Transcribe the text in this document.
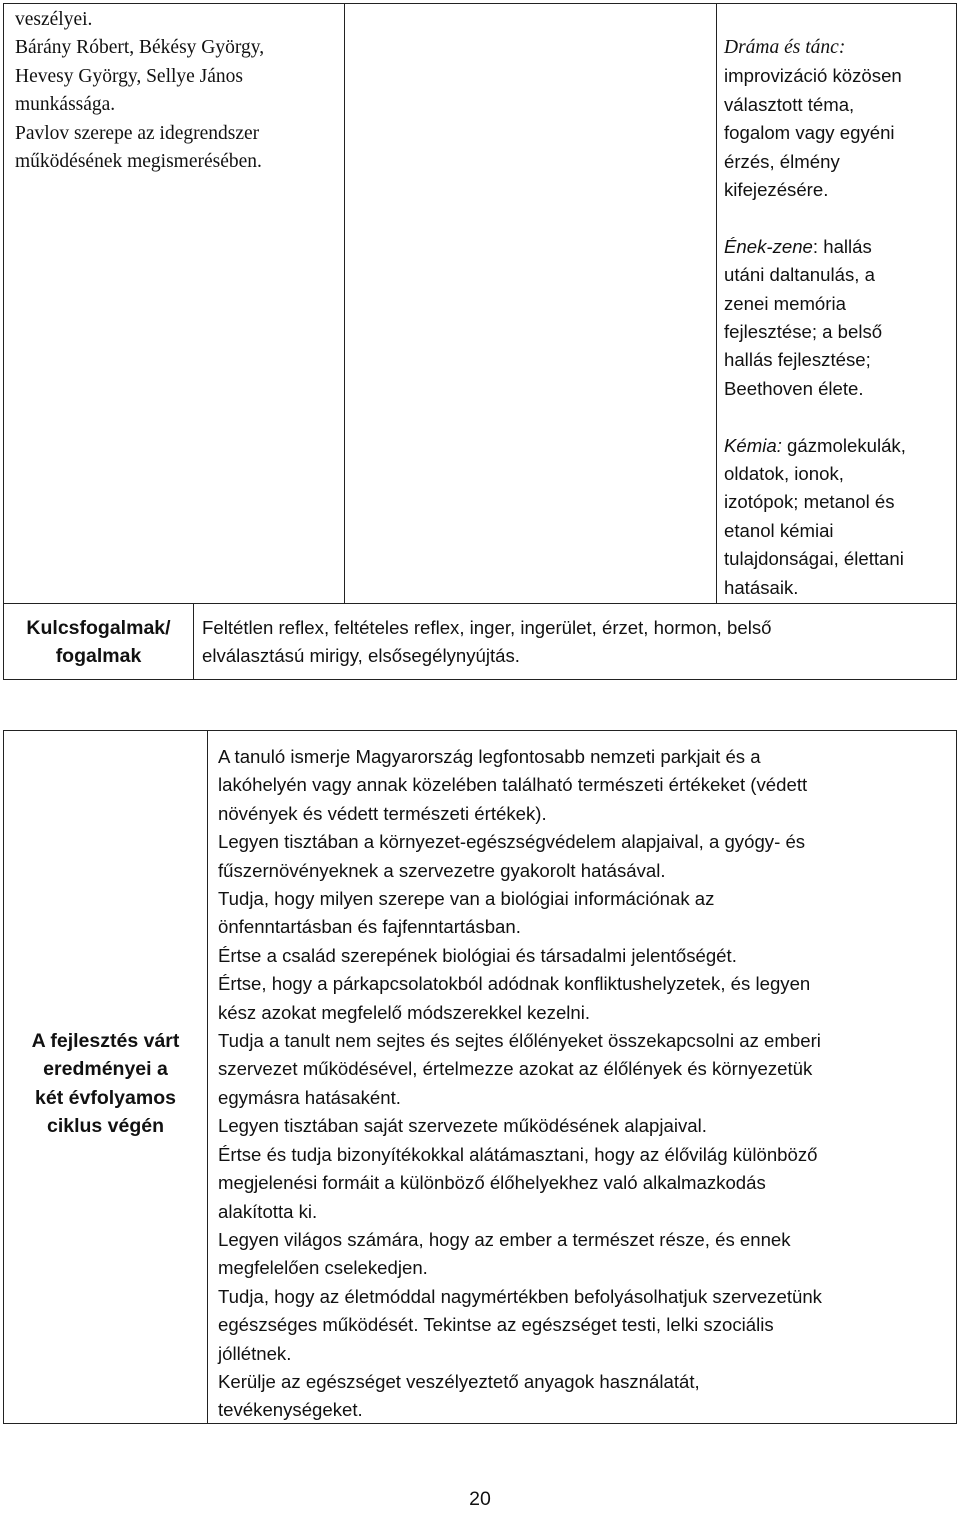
veszélyei.

Bárány Róbert, Békésy György,

Hevesy György, Sellye János

munkássága.

Pavlov szerepe az idegrendszer

működésének megismerésében.

Dráma és tánc:

improvizáció közösen

választott téma,

fogalom vagy egyéni

érzés, élmény

kifejezésére.

Ének-zene: hallás

utáni daltanulás, a

zenei memória

fejlesztése; a belső

hallás fejlesztése;

Beethoven élete.

Kémia: gázmolekulák,

oldatok, ionok,

izotópok; metanol és

etanol kémiai

tulajdonságai, élettani

hatásaik.

Kulcsfogalmak/

fogalmak

Feltétlen reflex, feltételes reflex, inger, ingerület, érzet, hormon, belső

elválasztású mirigy, elsősegélynyújtás.

A fejlesztés várt

eredményei a

két évfolyamos

ciklus végén

A tanuló ismerje Magyarország legfontosabb nemzeti parkjait és a

lakóhelyén vagy annak közelében található természeti értékeket (védett

növények és védett természeti értékek).

Legyen tisztában a környezet-egészségvédelem alapjaival, a gyógy- és

fűszernövényeknek a szervezetre gyakorolt hatásával.

Tudja, hogy milyen szerepe van a biológiai információnak az

önfenntartásban és fajfenntartásban.

Értse a család szerepének biológiai és társadalmi jelentőségét.

Értse, hogy a párkapcsolatokból adódnak konfliktushelyzetek, és legyen

kész azokat megfelelő módszerekkel kezelni.

Tudja a tanult nem sejtes és sejtes élőlényeket összekapcsolni az emberi

szervezet működésével, értelmezze azokat az élőlények és környezetük

egymásra hatásaként.

Legyen tisztában saját szervezete működésének alapjaival.

Értse és tudja bizonyítékokkal alátámasztani, hogy az élővilág különböző

megjelenési formáit a különböző élőhelyekhez való alkalmazkodás

alakította ki.

Legyen világos számára, hogy az ember a természet része, és ennek

megfelelően cselekedjen.

Tudja, hogy az életmóddal nagymértékben befolyásolhatjuk szervezetünk

egészséges működését. Tekintse az egészséget testi, lelki szociális

jóllétnek.

Kerülje az egészséget veszélyeztető anyagok használatát,

tevékenységeket.

20
